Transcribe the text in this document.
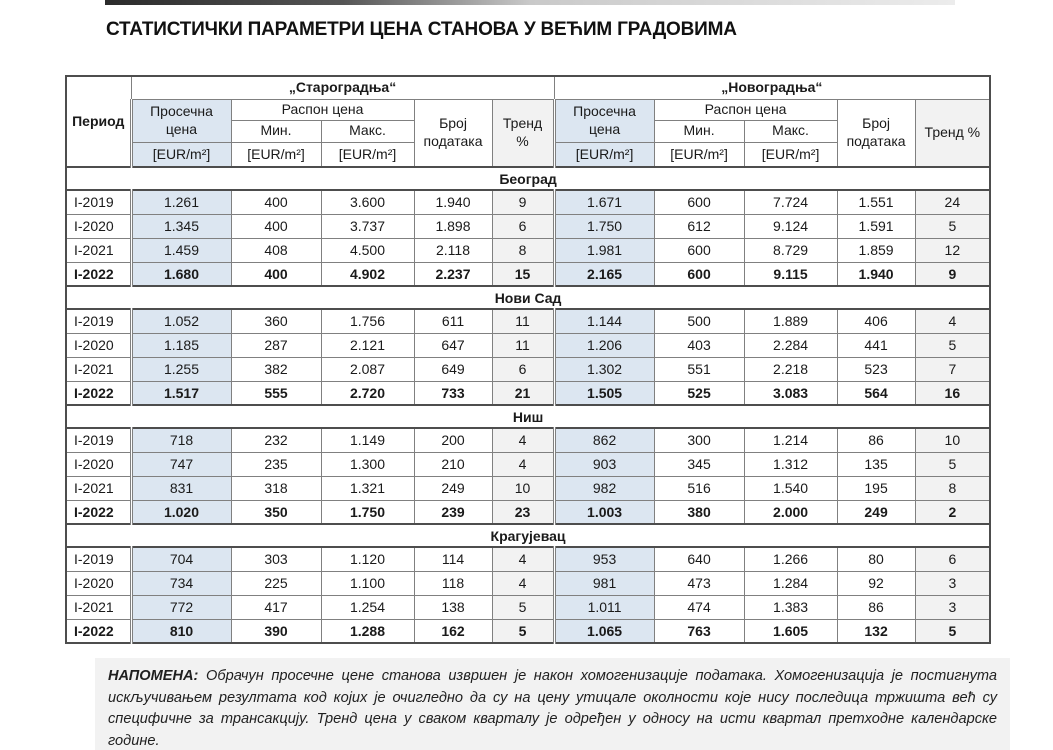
СТАТИСТИЧКИ ПАРАМЕТРИ ЦЕНА СТАНОВА У ВЕЋИМ ГРАДОВИМА
Период	„Староградња“					„Новоградња“				
	Просечна цена	Распон цена		Број података	Тренд %	Просечна цена	Распон цена		Број података	Тренд %
		Мин.	Макс.				Мин.	Макс.		
	[EUR/m²]	[EUR/m²]	[EUR/m²]			[EUR/m²]	[EUR/m²]	[EUR/m²]		
Београд										
I-2019	1.261	400	3.600	1.940	9	1.671	600	7.724	1.551	24
I-2020	1.345	400	3.737	1.898	6	1.750	612	9.124	1.591	5
I-2021	1.459	408	4.500	2.118	8	1.981	600	8.729	1.859	12
I-2022	1.680	400	4.902	2.237	15	2.165	600	9.115	1.940	9
Нови Сад										
I-2019	1.052	360	1.756	611	11	1.144	500	1.889	406	4
I-2020	1.185	287	2.121	647	11	1.206	403	2.284	441	5
I-2021	1.255	382	2.087	649	6	1.302	551	2.218	523	7
I-2022	1.517	555	2.720	733	21	1.505	525	3.083	564	16
Ниш										
I-2019	718	232	1.149	200	4	862	300	1.214	86	10
I-2020	747	235	1.300	210	4	903	345	1.312	135	5
I-2021	831	318	1.321	249	10	982	516	1.540	195	8
I-2022	1.020	350	1.750	239	23	1.003	380	2.000	249	2
Крагујевац										
I-2019	704	303	1.120	114	4	953	640	1.266	80	6
I-2020	734	225	1.100	118	4	981	473	1.284	92	3
I-2021	772	417	1.254	138	5	1.011	474	1.383	86	3
I-2022	810	390	1.288	162	5	1.065	763	1.605	132	5
НАПОМЕНА: Обрачун просечне цене станова извршен је након хомогенизације података. Хомогенизација је постигнута искључивањем резултата код којих је очигледно да су на цену утицале околности које нису последица тржишта већ су специфичне за трансакцију. Тренд цена у сваком кварталу је одређен у односу на исти квартал претходне календарске године.
